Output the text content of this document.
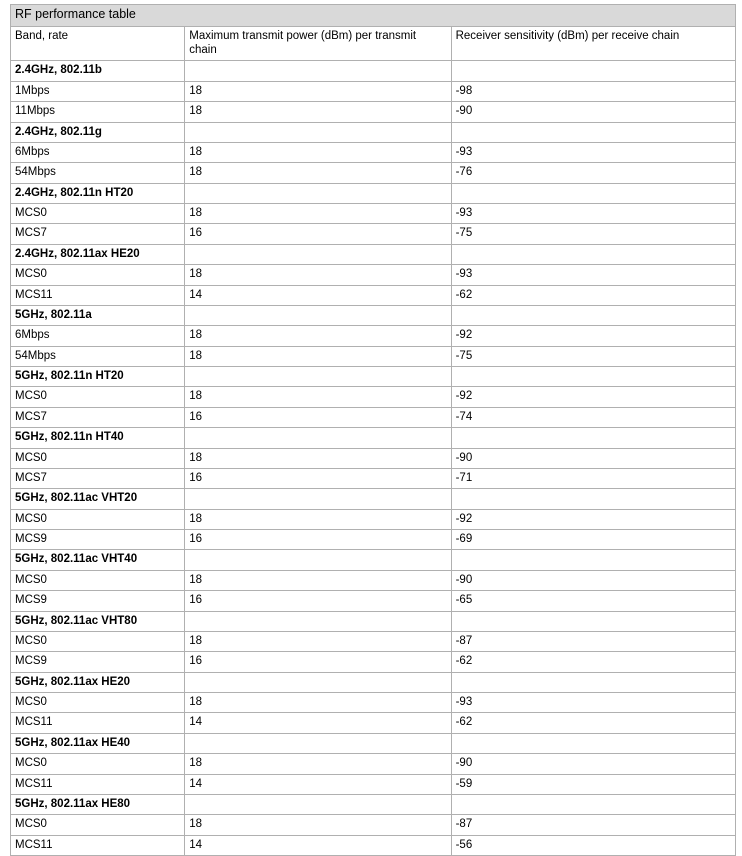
RF performance table		
Band, rate	Maximum transmit power (dBm) per transmit chain	Receiver sensitivity (dBm) per receive chain
2.4GHz, 802.11b		
1Mbps	18	-98
11Mbps	18	-90
2.4GHz, 802.11g		
6Mbps	18	-93
54Mbps	18	-76
2.4GHz, 802.11n HT20		
MCS0	18	-93
MCS7	16	-75
2.4GHz, 802.11ax HE20		
MCS0	18	-93
MCS11	14	-62
5GHz, 802.11a		
6Mbps	18	-92
54Mbps	18	-75
5GHz, 802.11n HT20		
MCS0	18	-92
MCS7	16	-74
5GHz, 802.11n HT40		
MCS0	18	-90
MCS7	16	-71
5GHz, 802.11ac VHT20		
MCS0	18	-92
MCS9	16	-69
5GHz, 802.11ac VHT40		
MCS0	18	-90
MCS9	16	-65
5GHz, 802.11ac VHT80		
MCS0	18	-87
MCS9	16	-62
5GHz, 802.11ax HE20		
MCS0	18	-93
MCS11	14	-62
5GHz, 802.11ax HE40		
MCS0	18	-90
MCS11	14	-59
5GHz, 802.11ax HE80		
MCS0	18	-87
MCS11	14	-56
